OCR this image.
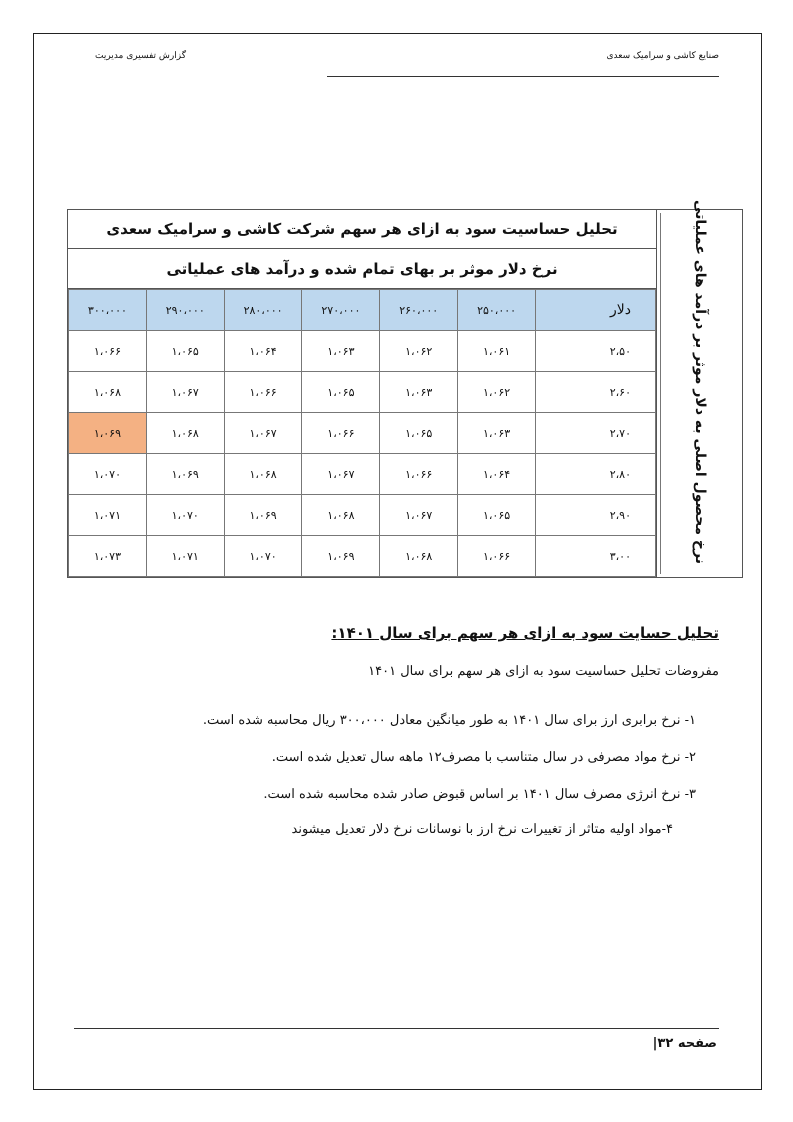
صنایع کاشی و سرامیک سعدی
گزارش تفسیری مدیریت
نرخ محصول اصلی به دلار موثر بر درآمد های عملیاتی
تحلیل حساسیت سود به ازای هر سهم شرکت کاشی و سرامیک سعدی
نرخ دلار موثر بر بهای تمام شده و درآمد های عملیاتی
۳۰۰،۰۰۰	۲۹۰،۰۰۰	۲۸۰،۰۰۰	۲۷۰،۰۰۰	۲۶۰،۰۰۰	۲۵۰،۰۰۰	دلار
۱،۰۶۶	۱،۰۶۵	۱،۰۶۴	۱،۰۶۳	۱،۰۶۲	۱،۰۶۱	۲،۵۰
۱،۰۶۸	۱،۰۶۷	۱،۰۶۶	۱،۰۶۵	۱،۰۶۳	۱،۰۶۲	۲،۶۰
۱،۰۶۹	۱،۰۶۸	۱،۰۶۷	۱،۰۶۶	۱،۰۶۵	۱،۰۶۳	۲،۷۰
۱،۰۷۰	۱،۰۶۹	۱،۰۶۸	۱،۰۶۷	۱،۰۶۶	۱،۰۶۴	۲،۸۰
۱،۰۷۱	۱،۰۷۰	۱،۰۶۹	۱،۰۶۸	۱،۰۶۷	۱،۰۶۵	۲،۹۰
۱،۰۷۳	۱،۰۷۱	۱،۰۷۰	۱،۰۶۹	۱،۰۶۸	۱،۰۶۶	۳،۰۰
تحلیل حسایت سود به ازای هر سهم برای سال ۱۴۰۱:
مفروضات تحلیل حساسیت سود به ازای هر سهم برای سال ۱۴۰۱
۱- نرخ برابری ارز برای سال ۱۴۰۱ به طور میانگین معادل ۳۰۰،۰۰۰ ریال محاسبه شده است.
۲- نرخ مواد مصرفی در سال متناسب با مصرف۱۲ ماهه سال تعدیل شده است.
۳- نرخ انرژی مصرف سال ۱۴۰۱ بر اساس قبوض صادر شده محاسبه شده است.
۴-مواد اولیه متاثر از تغییرات نرخ ارز با نوسانات نرخ دلار تعدیل میشوند
صفحه ۳۲|
